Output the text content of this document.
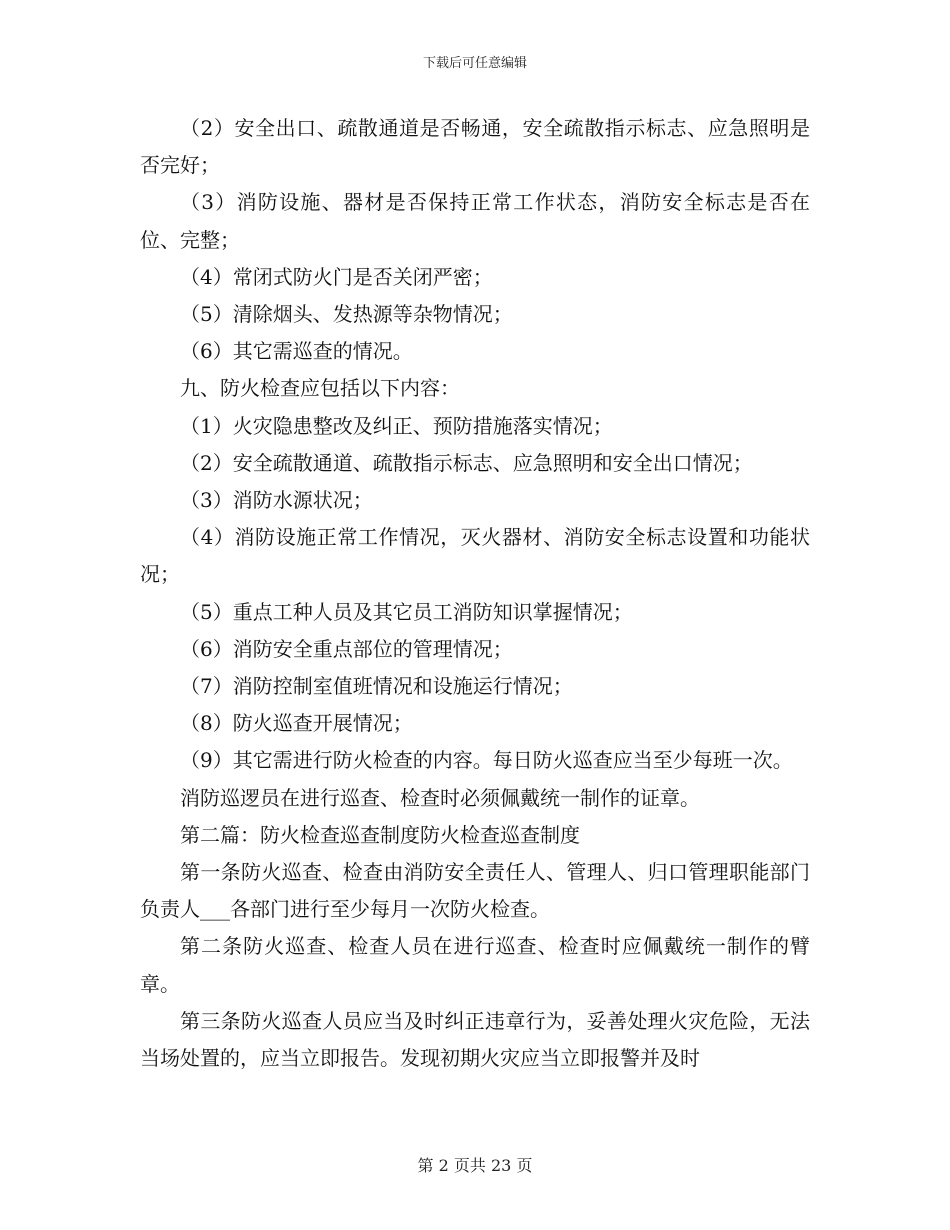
下载后可任意编辑

（2）安全出口、疏散通道是否畅通，安全疏散指示标志、应急照明是否完好；

（3）消防设施、器材是否保持正常工作状态，消防安全标志是否在位、完整；

（4）常闭式防火门是否关闭严密；

（5）清除烟头、发热源等杂物情况；

（6）其它需巡查的情况。

九、防火检查应包括以下内容：

（1）火灾隐患整改及纠正、预防措施落实情况；

（2）安全疏散通道、疏散指示标志、应急照明和安全出口情况；

（3）消防水源状况；

（4）消防设施正常工作情况，灭火器材、消防安全标志设置和功能状况；

（5）重点工种人员及其它员工消防知识掌握情况；

（6）消防安全重点部位的管理情况；

（7）消防控制室值班情况和设施运行情况；

（8）防火巡查开展情况；

（9）其它需进行防火检查的内容。每日防火巡查应当至少每班一次。

消防巡逻员在进行巡查、检查时必须佩戴统一制作的证章。

第二篇：防火检查巡查制度防火检查巡查制度

第一条防火巡查、检查由消防安全责任人、管理人、归口管理职能部门负责人___各部门进行至少每月一次防火检查。

第二条防火巡查、检查人员在进行巡查、检查时应佩戴统一制作的臂章。

第三条防火巡查人员应当及时纠正违章行为，妥善处理火灾危险，无法当场处置的，应当立即报告。发现初期火灾应当立即报警并及时

第 2 页共 23 页
